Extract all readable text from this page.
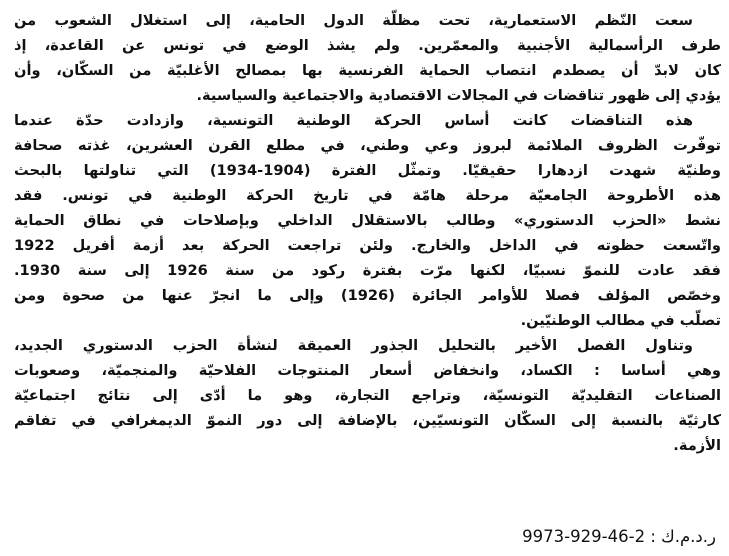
سعت النّظم الاستعمارية، تحت مظلّة الدول الحامية، إلى استغلال الشعوب من
طرف الرأسمالية الأجنبية والمعمّرين. ولم يشذ الوضع في تونس عن القاعدة، إذ
كان لابدّ أن يصطدم انتصاب الحماية الفرنسية بها بمصالح الأغلبيّة من السكّان، وأن
يؤدي إلى ظهور تناقضات في المجالات الاقتصادية والاجتماعية والسياسية.
هذه التناقضات كانت أساس الحركة الوطنية التونسية، وازدادت حدّة عندما
توفّرت الظروف الملائمة لبروز وعي وطني، في مطلع القرن العشرين، غذته صحافة
وطنيّة شهدت ازدهارا حقيقيّا. وتمثّل الفترة (1904-1934) التي تناولتها بالبحث
هذه الأطروحة الجامعيّة مرحلة هامّة في تاريخ الحركة الوطنية في تونس. فقد
نشط «الحزب الدستوري» وطالب بالاستقلال الداخلي وبإصلاحات في نطاق الحماية
واتّسعت حظوته في الداخل والخارج. ولئن تراجعت الحركة بعد أزمة أفريل 1922
فقد عادت للنموّ نسبيّا، لكنها مرّت بفترة ركود من سنة 1926 إلى سنة 1930.
وخصّص المؤلف فصلا للأوامر الجائرة (1926) وإلى ما انجرّ عنها من صحوة ومن
تصلّب في مطالب الوطنيّين.
وتناول الفصل الأخير بالتحليل الجذور العميقة لنشأة الحزب الدستوري الجديد،
وهي أساسا : الكساد، وانخفاض أسعار المنتوجات الفلاحيّة والمنجميّة، وصعوبات
الصناعات التقليديّة التونسيّة، وتراجع التجارة، وهو ما أدّى إلى نتائج اجتماعيّة
كارثيّة بالنسبة إلى السكّان التونسيّين، بالإضافة إلى دور النموّ الديمغرافي في تفاقم
الأزمة.
ر.د.م.ك : 2-46-929-9973
